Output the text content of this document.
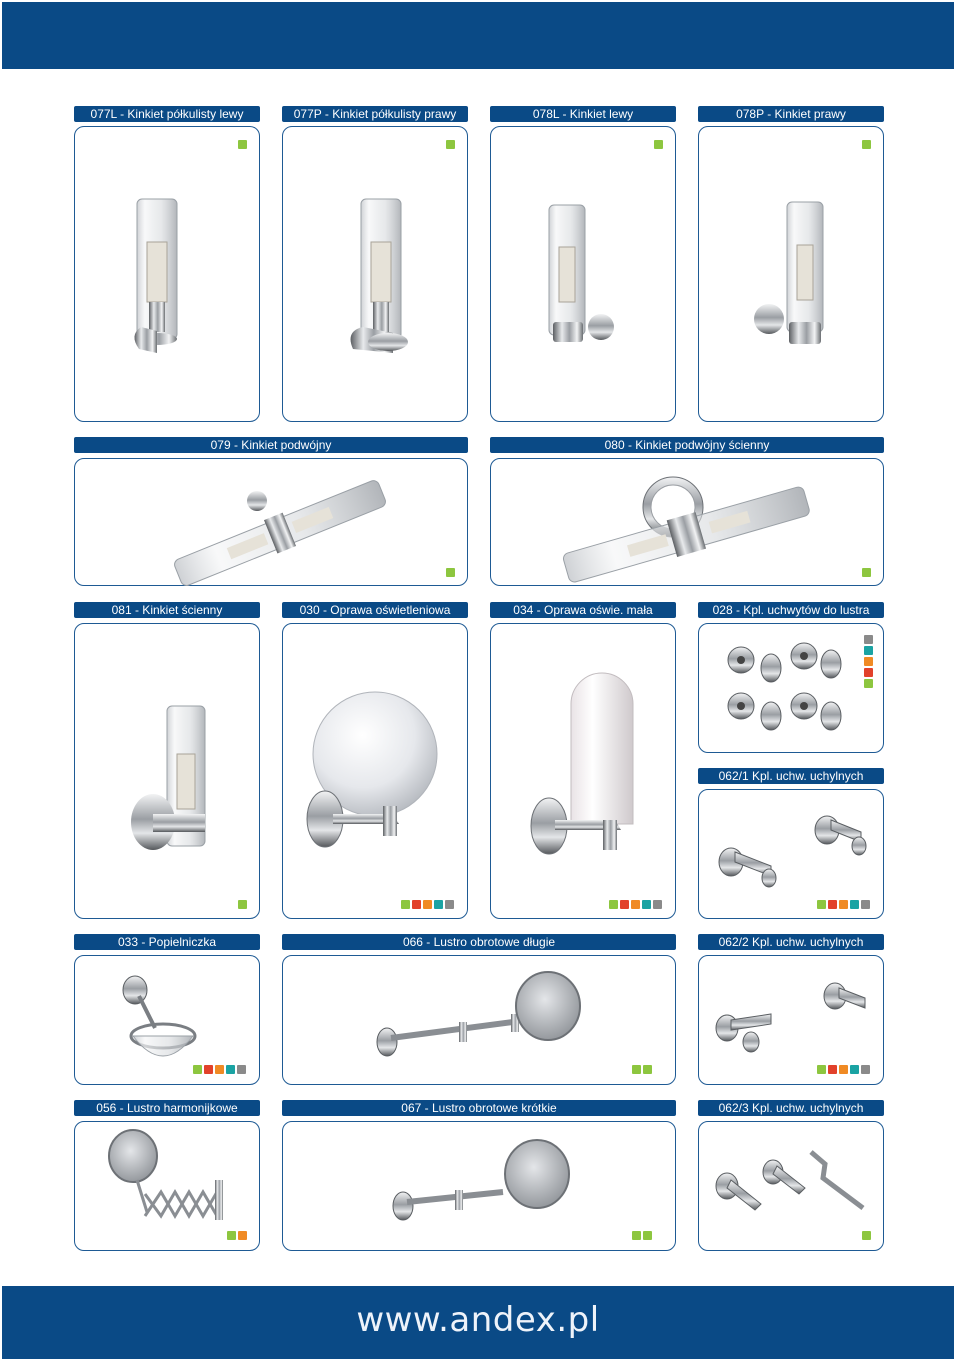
077L - Kinkiet półkulisty lewy	077P - Kinkiet półkulisty prawy	078L - Kinkiet lewy	078P - Kinkiet prawy
079 - Kinkiet podwójny	080 - Kinkiet podwójny ścienny
081 - Kinkiet ścienny	030 - Oprawa oświetleniowa	034 - Oprawa oświe. mała	028 - Kpl. uchwytów do lustra
062/1 Kpl. uchw. uchylnych
033 - Popielniczka	066 - Lustro obrotowe długie	062/2 Kpl. uchw. uchylnych
056 - Lustro harmonijkowe	067 - Lustro obrotowe krótkie	062/3 Kpl. uchw. uchylnych
www.andex.pl
